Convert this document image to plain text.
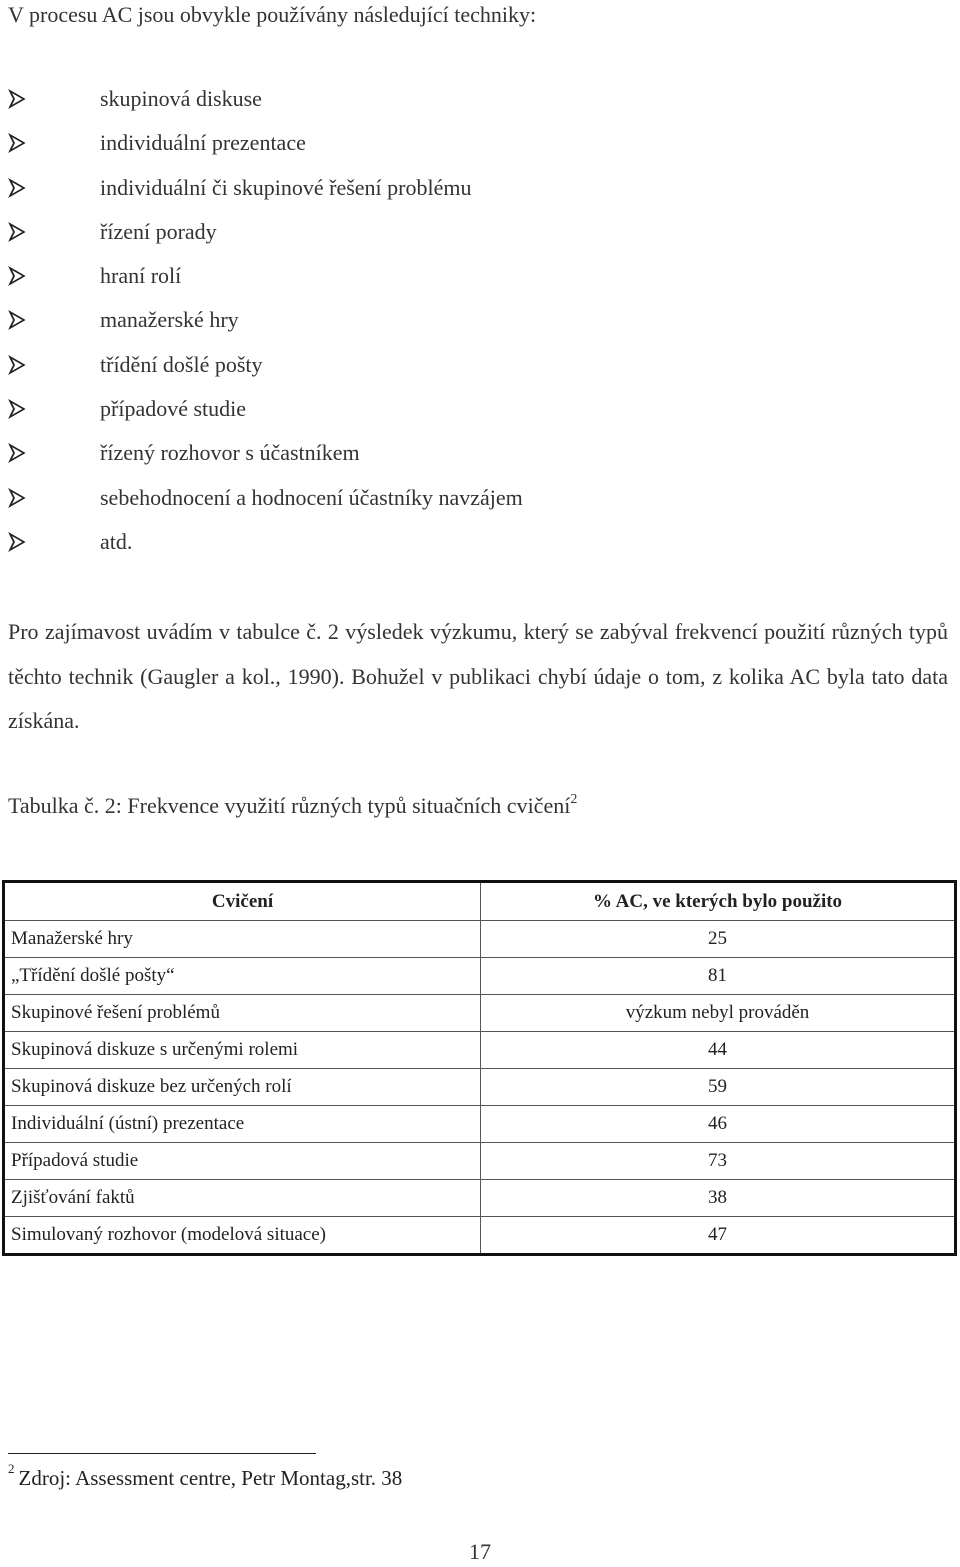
V procesu AC jsou obvykle používány následující techniky:
skupinová diskuse
individuální prezentace
individuální či skupinové řešení problému
řízení porady
hraní rolí
manažerské hry
třídění došlé pošty
případové studie
řízený rozhovor s účastníkem
sebehodnocení a hodnocení účastníky navzájem
atd.

Pro zajímavost uvádím v tabulce č. 2 výsledek výzkumu, který se zabýval frekvencí použití různých typů těchto technik (Gaugler a kol., 1990). Bohužel v publikaci chybí údaje o tom, z kolika AC byla tato data získána.

Tabulka č. 2: Frekvence využití různých typů situačních cvičení$^2$
Cvičení	% AC, ve kterých bylo použito
Manažerské hry	25
„Třídění došlé pošty“	81
Skupinové řešení problémů	výzkum nebyl prováděn
Skupinová diskuze s určenými rolemi	44
Skupinová diskuze bez určených rolí	59
Individuální (ústní) prezentace	46
Případová studie	73
Zjišťování faktů	38
Simulovaný rozhovor (modelová situace)	47
$^2$ Zdroj: Assessment centre, Petr Montag,str. 38
17
